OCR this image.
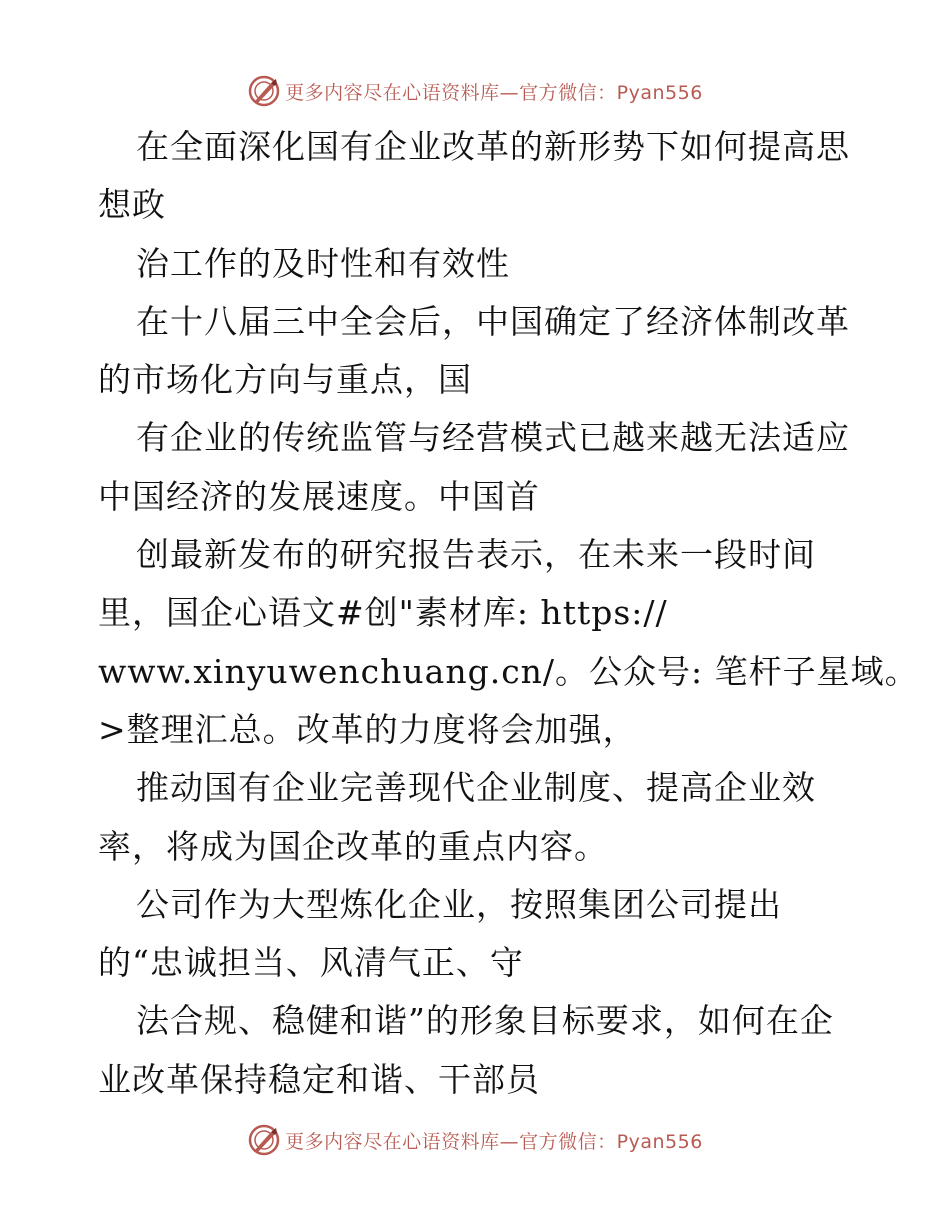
更多内容尽在心语资料库—官方微信：Pyan556
在全面深化国有企业改革的新形势下如何提高思
想政
治工作的及时性和有效性
在十八届三中全会后，中国确定了经济体制改革
的市场化方向与重点，国
有企业的传统监管与经营模式已越来越无法适应
中国经济的发展速度。中国首
创最新发布的研究报告表示，在未来一段时间
里，国企心语文#创"素材库: https://
www.xinyuwenchuang.cn/。公众号: 笔杆子星域。
>整理汇总。改革的力度将会加强，
推动国有企业完善现代企业制度、提高企业效
率，将成为国企改革的重点内容。
公司作为大型炼化企业，按照集团公司提出
的“忠诚担当、风清气正、守
法合规、稳健和谐”的形象目标要求，如何在企
业改革保持稳定和谐、干部员
更多内容尽在心语资料库—官方微信：Pyan556
